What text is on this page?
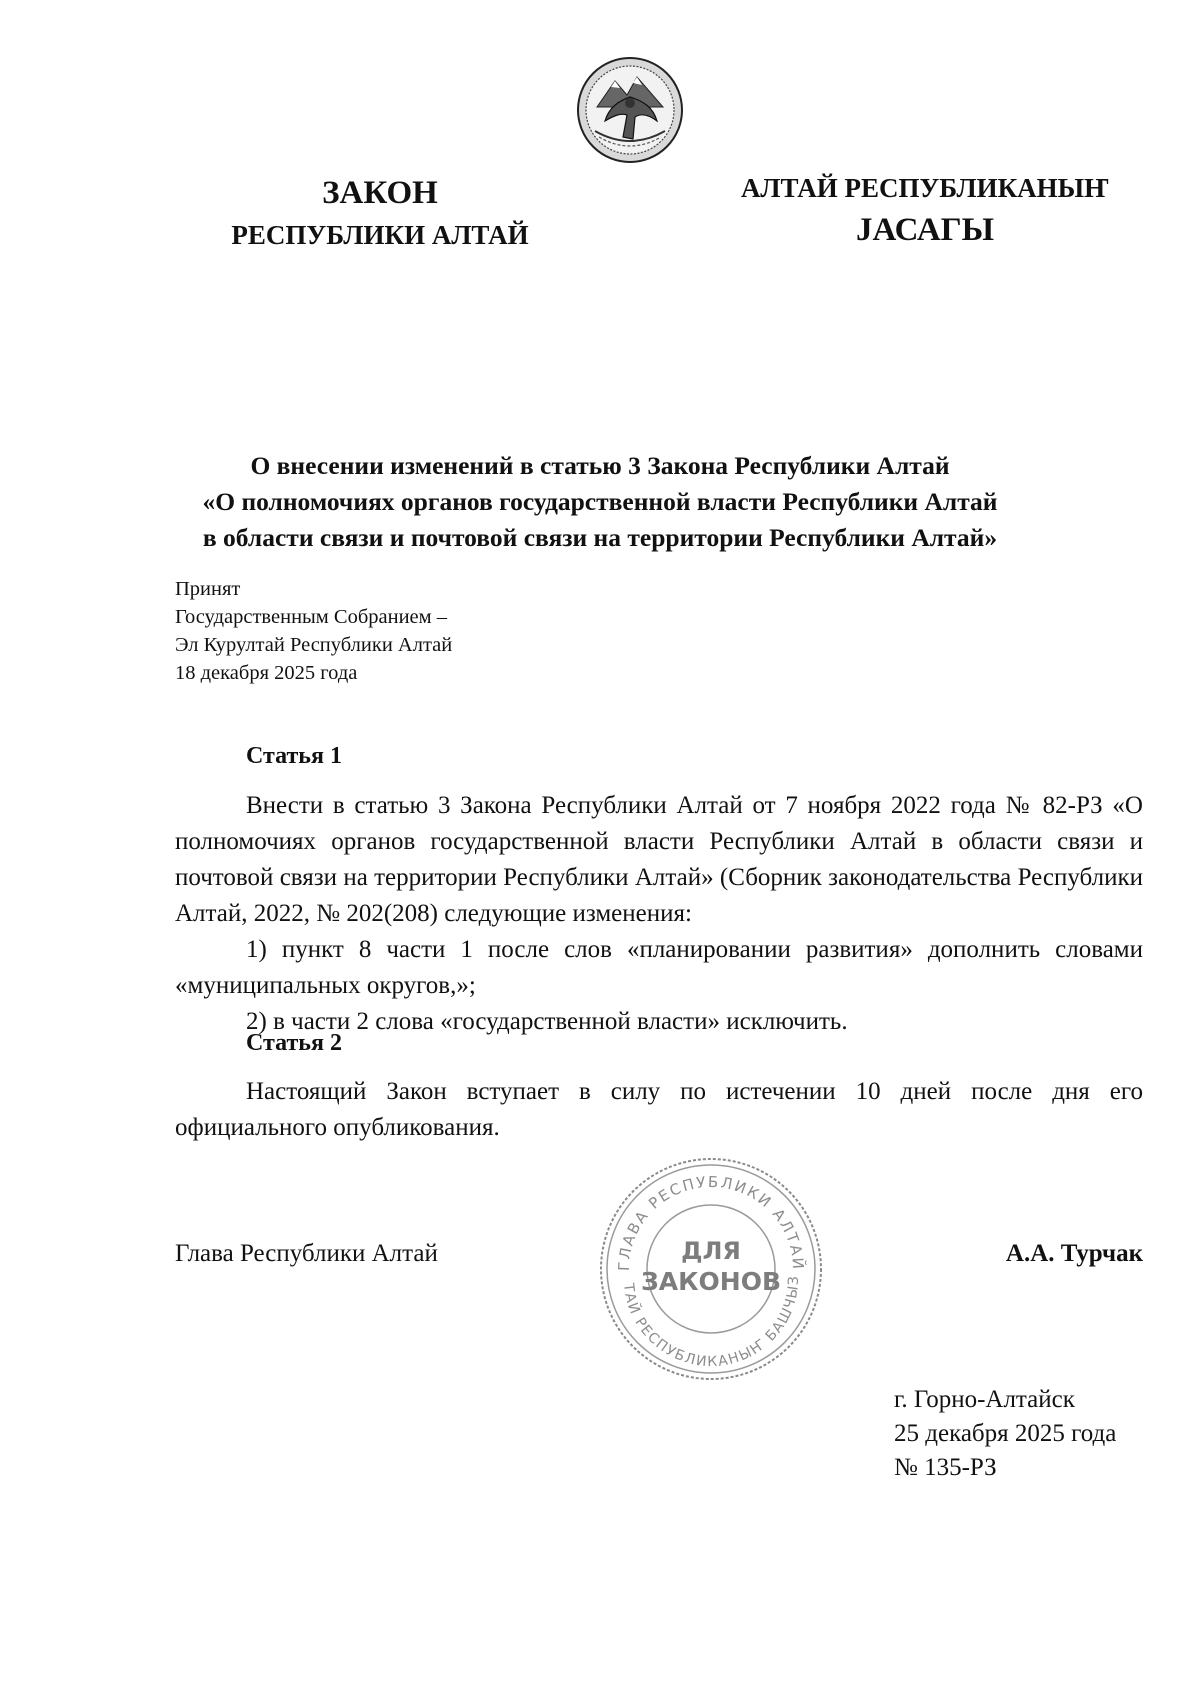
ЗАКОН
РЕСПУБЛИКИ АЛТАЙ
АЛТАЙ РЕСПУБЛИКАНЫҤ
JАСАГЫ
О внесении изменений в статью 3 Закона Республики Алтай
«О полномочиях органов государственной власти Республики Алтай
в области связи и почтовой связи на территории Республики Алтай»
Принят
Государственным Собранием –
Эл Курултай Республики Алтай
18 декабря 2025 года
Статья 1
Внести в статью 3 Закона Республики Алтай от 7 ноября 2022 года № 82-РЗ «О полномочиях органов государственной власти Республики Алтай в области связи и почтовой связи на территории Республики Алтай» (Сборник законодательства Республики Алтай, 2022, № 202(208) следующие изменения:
1) пункт 8 части 1 после слов «планировании развития» дополнить словами «муниципальных округов,»;
2) в части 2 слова «государственной власти» исключить.
Статья 2
Настоящий Закон вступает в силу по истечении 10 дней после дня его официального опубликования.
ГЛАВА РЕСПУБЛИКИ АЛТАЙ
ТАЙ РЕСПУБЛИКАНЫҤ БАШЧЫЗ
ДЛЯ
ЗАКОНОВ
Глава Республики Алтай	А.А. Турчак
г. Горно-Алтайск
25 декабря 2025 года
№ 135-РЗ
